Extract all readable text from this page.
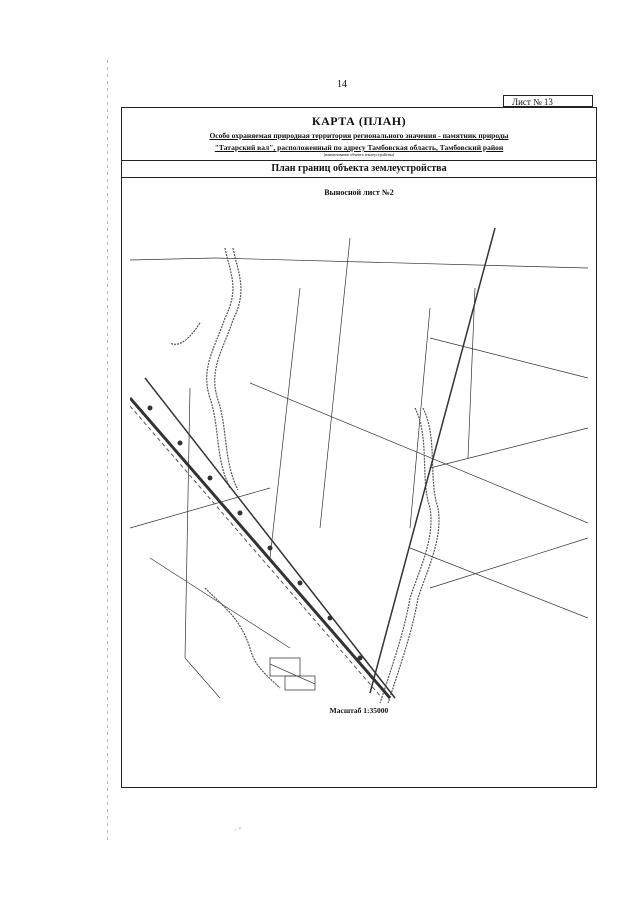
14
Лист № 13
КАРТА (ПЛАН)
Особо охраняемая природная территория регионального значения - памятник природы
"Татарский вал", расположенный по адресу Тамбовская область, Тамбовский район
(наименование объекта землеустройства)
План границ объекта землеустройства
Выносной лист №2
Масштаб 1:35000
· ˘
